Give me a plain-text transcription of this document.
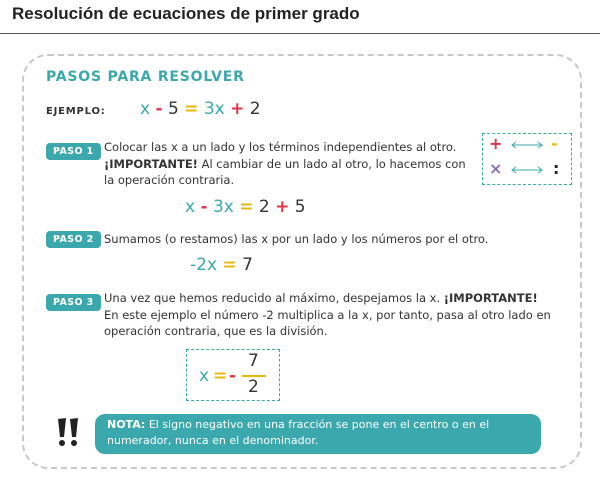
Resolución de ecuaciones de primer grado
PASOS PARA RESOLVER
EJEMPLO: x - 5 = 3x + 2
PASO 1 Colocar las x a un lado y los términos independientes al otro.
¡IMPORTANTE! Al cambiar de un lado al otro, lo hacemos con la operación contraria.
+	-
×	:
x - 3x = 2 + 5
PASO 2 Sumamos (o restamos) las x por un lado y los números por el otro.
-2x = 7
PASO 3 Una vez que hemos reducido al máximo, despejamos la x. ¡IMPORTANTE! En este ejemplo el número -2 multiplica a la x, por tanto, pasa al otro lado en operación contraria, que es la división.
x = -
7
2
NOTA: El signo negativo en una fracción se pone en el centro o en el numerador, nunca en el denominador.
